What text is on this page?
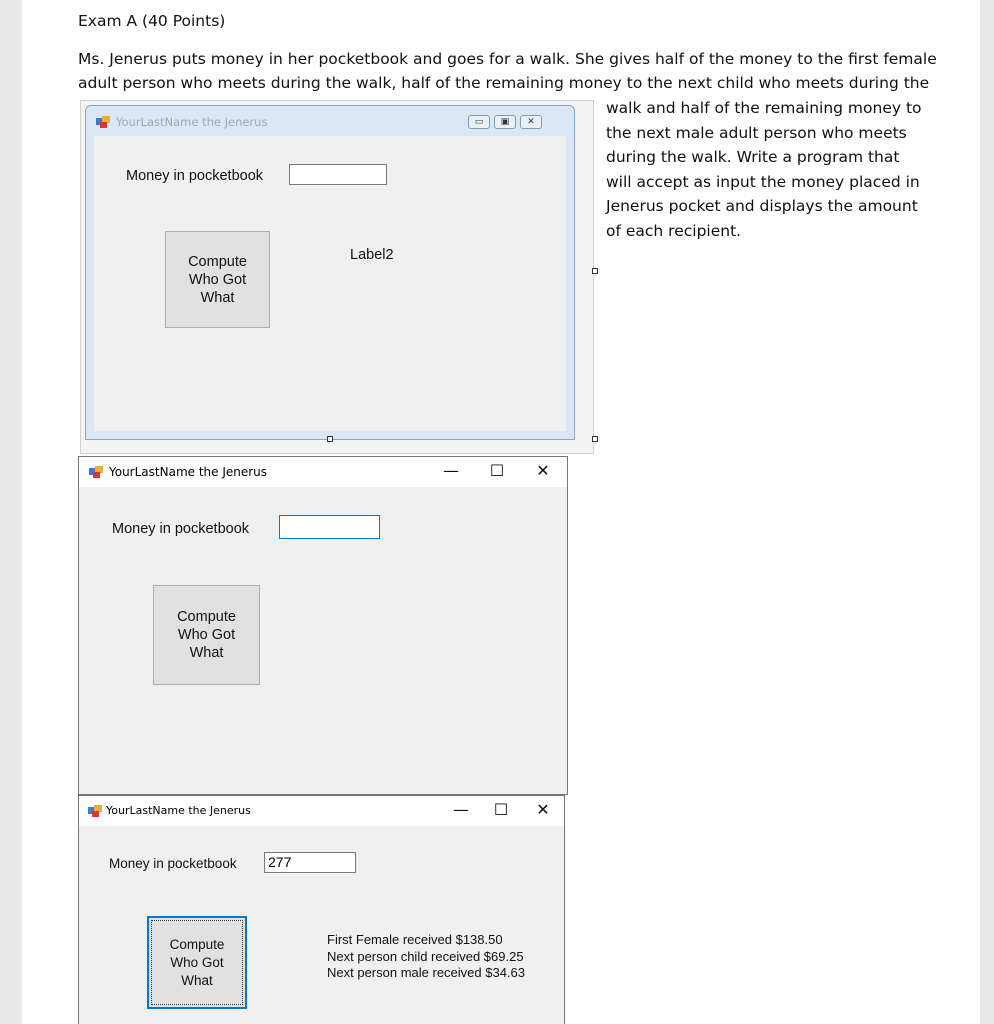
Exam A (40 Points)
Ms. Jenerus puts money in her pocketbook and goes for a walk. She gives half of the money to the first female
adult person who meets during the walk, half of the remaining money to the next child who meets during the
walk and half of the remaining money to
the next male adult person who meets
during the walk. Write a program that
will accept as input the money placed in
Jenerus pocket and displays the amount
of each recipient.
YourLastName the Jenerus	▭	▣	✕
Money in pocketbook
Compute
Who Got
What
Label2
YourLastName the Jenerus	— ☐ ✕
Money in pocketbook
Compute
Who Got
What
YourLastName the Jenerus	— ☐ ✕
Money in pocketbook 277
Compute
Who Got
What
First Female received $138.50
Next person child received $69.25
Next person male received $34.63
